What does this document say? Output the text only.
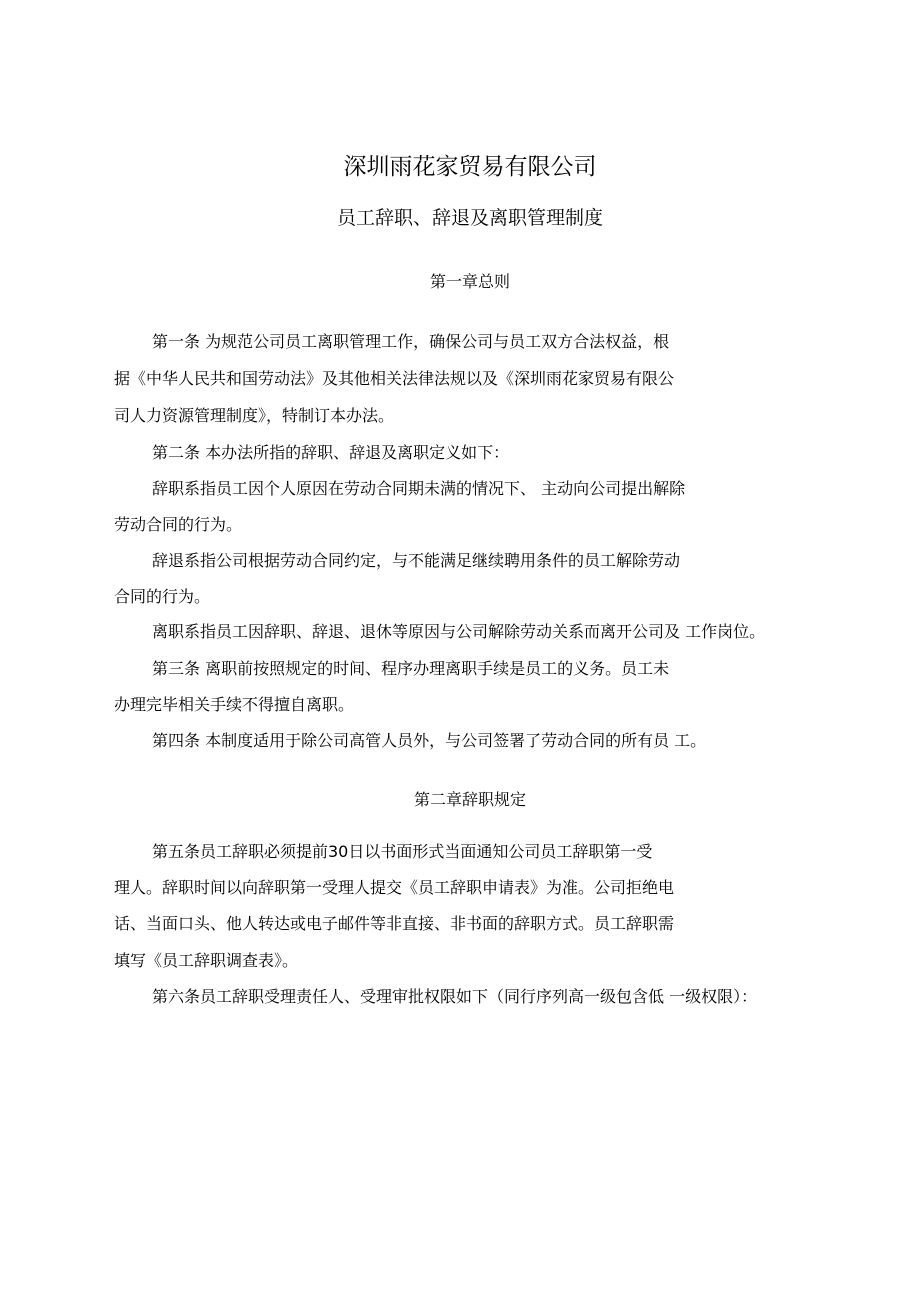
深圳雨花家贸易有限公司
员工辞职、辞退及离职管理制度
第一章总则
第一条 为规范公司员工离职管理工作，确保公司与员工双方合法权益，根
据《中华人民共和国劳动法》及其他相关法律法规以及《深圳雨花家贸易有限公
司人力资源管理制度》，特制订本办法。
第二条 本办法所指的辞职、辞退及离职定义如下：
辞职系指员工因个人原因在劳动合同期未满的情况下、 主动向公司提出解除
劳动合同的行为。
辞退系指公司根据劳动合同约定，与不能满足继续聘用条件的员工解除劳动
合同的行为。
离职系指员工因辞职、辞退、退休等原因与公司解除劳动关系而离开公司及 工作岗位。
第三条 离职前按照规定的时间、程序办理离职手续是员工的义务。员工未
办理完毕相关手续不得擅自离职。
第四条 本制度适用于除公司高管人员外，与公司签署了劳动合同的所有员 工。
第二章辞职规定
第五条员工辞职必须提前30日以书面形式当面通知公司员工辞职第一受
理人。辞职时间以向辞职第一受理人提交《员工辞职申请表》为准。公司拒绝电
话、当面口头、他人转达或电子邮件等非直接、非书面的辞职方式。员工辞职需
填写《员工辞职调查表》。
第六条员工辞职受理责任人、受理审批权限如下（同行序列高一级包含低 一级权限）：
